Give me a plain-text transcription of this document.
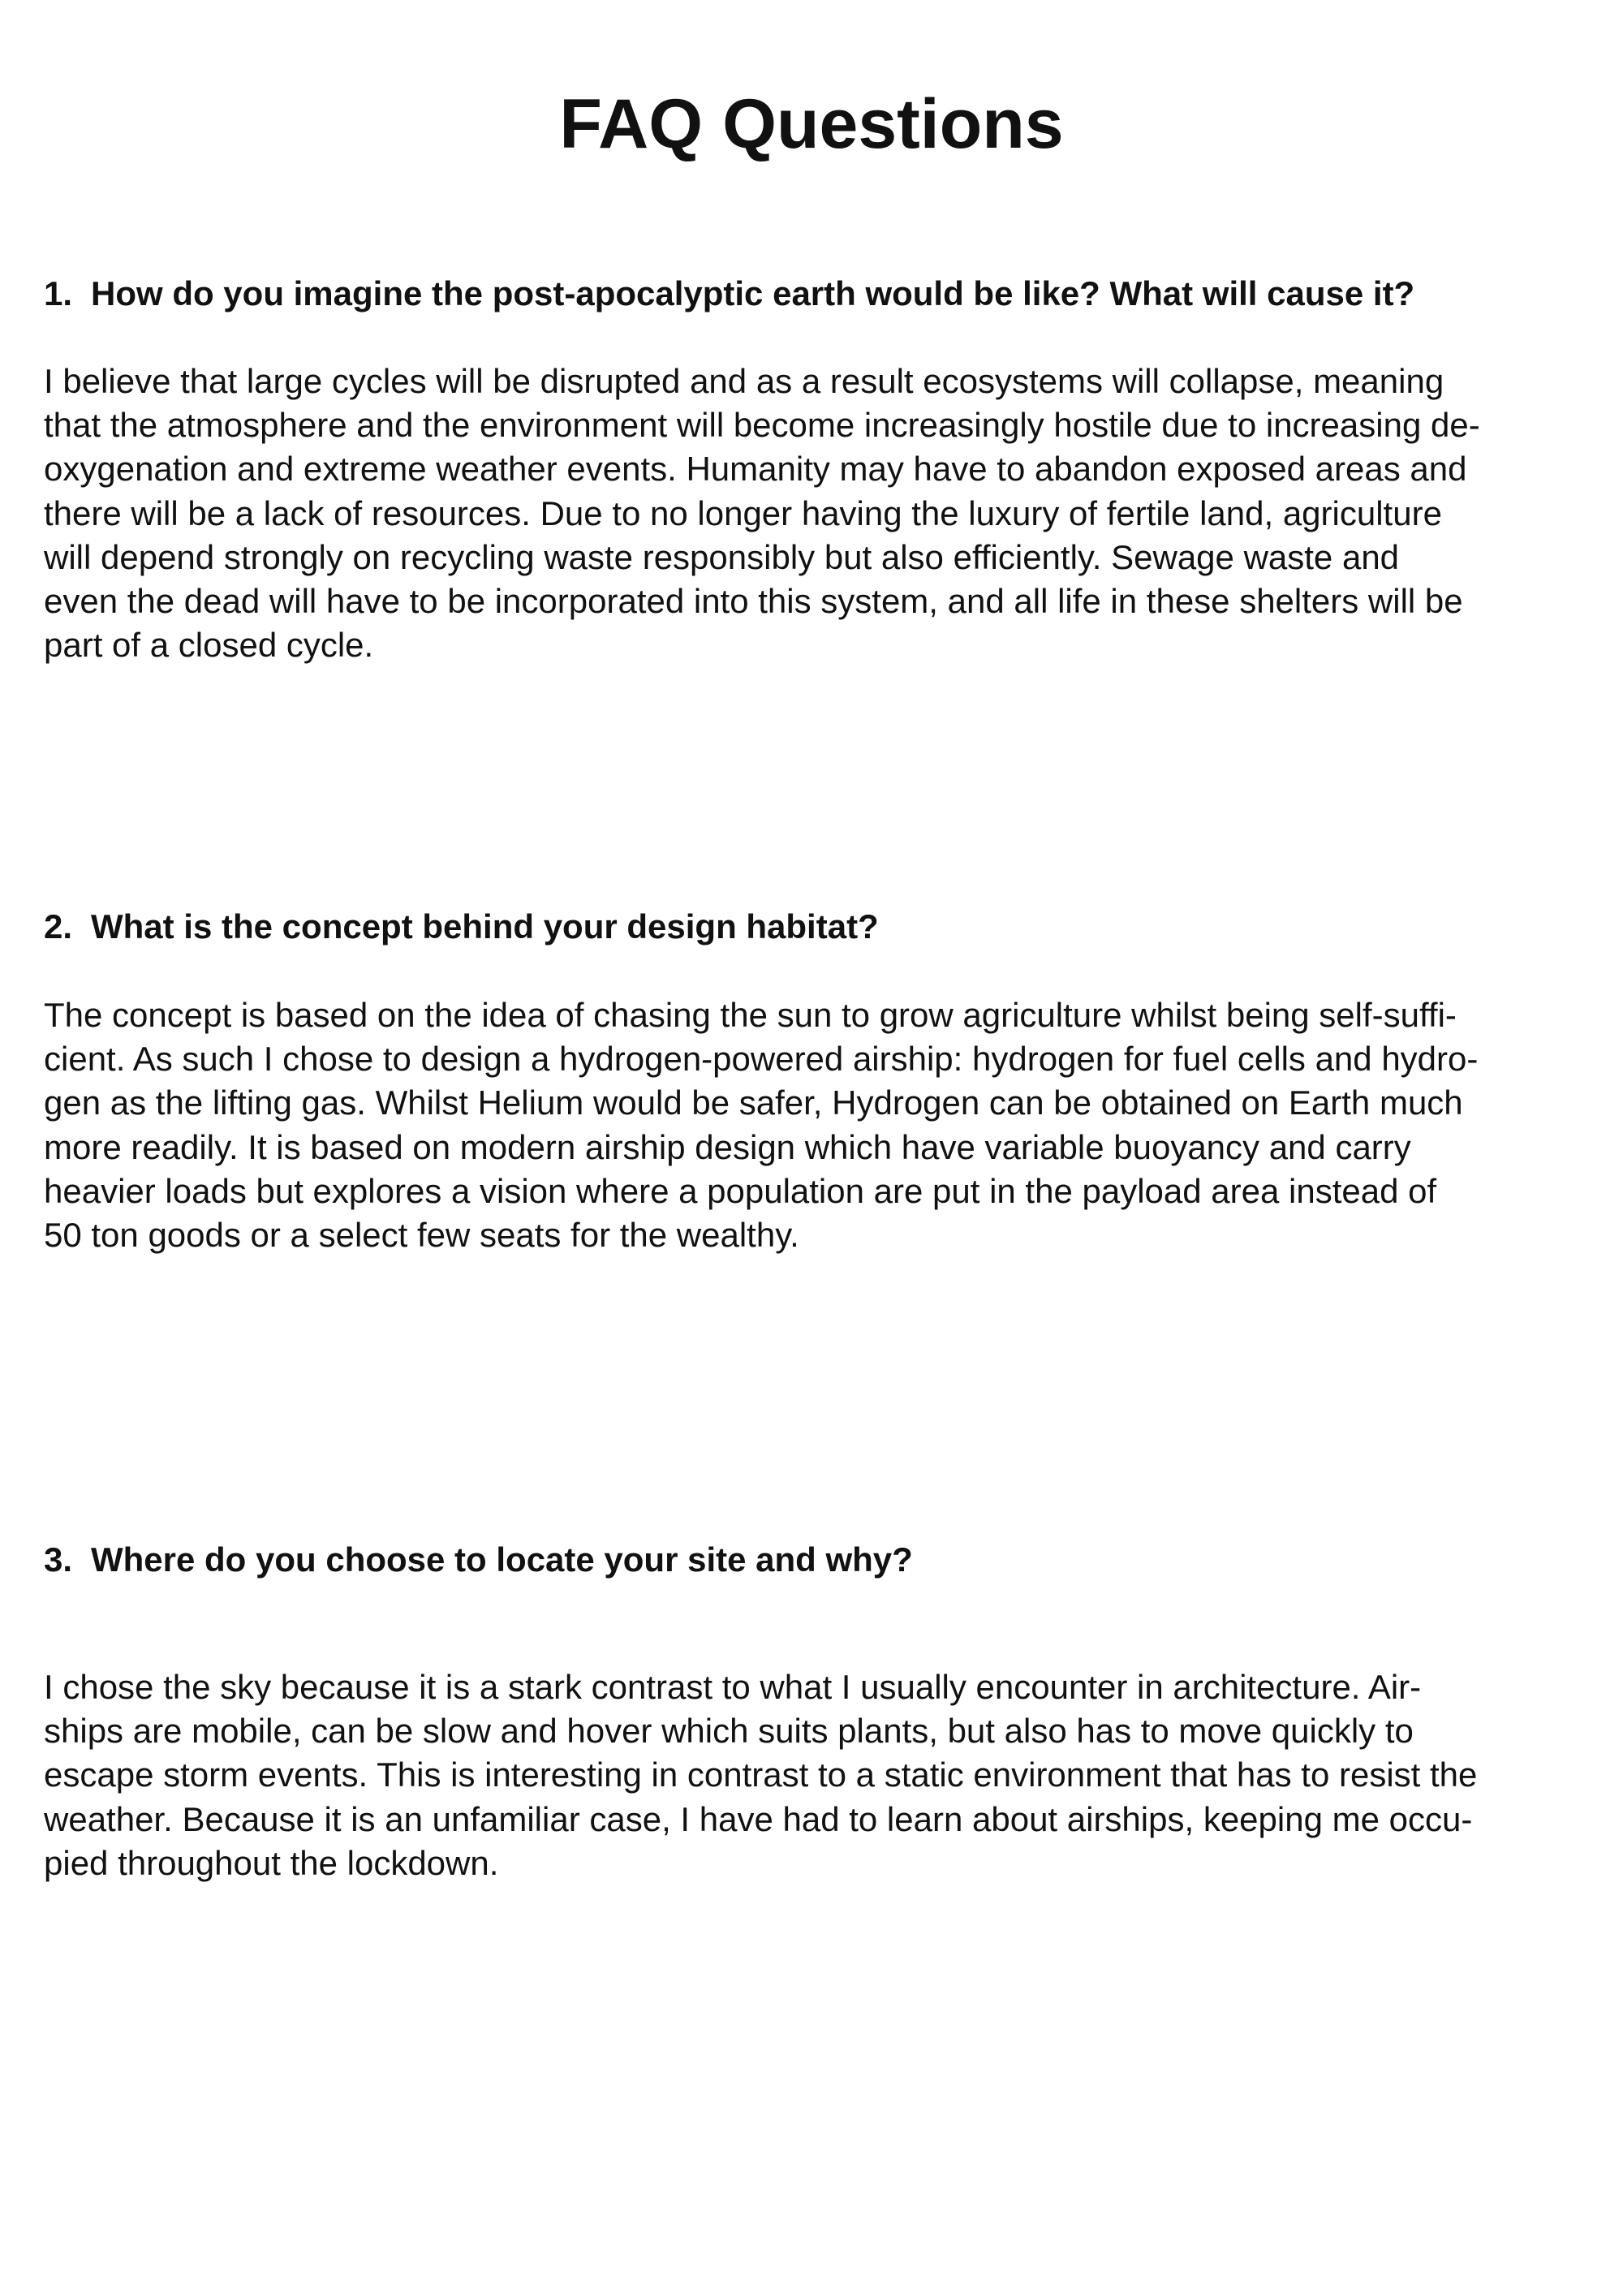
FAQ Questions
1. How do you imagine the post-apocalyptic earth would be like? What will cause it?
I believe that large cycles will be disrupted and as a result ecosystems will collapse, meaning
that the atmosphere and the environment will become increasingly hostile due to increasing de-
oxygenation and extreme weather events. Humanity may have to abandon exposed areas and
there will be a lack of resources. Due to no longer having the luxury of fertile land, agriculture
will depend strongly on recycling waste responsibly but also efficiently. Sewage waste and
even the dead will have to be incorporated into this system, and all life in these shelters will be
part of a closed cycle.
2. What is the concept behind your design habitat?
The concept is based on the idea of chasing the sun to grow agriculture whilst being self-suffi-
cient. As such I chose to design a hydrogen-powered airship: hydrogen for fuel cells and hydro-
gen as the lifting gas. Whilst Helium would be safer, Hydrogen can be obtained on Earth much
more readily. It is based on modern airship design which have variable buoyancy and carry
heavier loads but explores a vision where a population are put in the payload area instead of
50 ton goods or a select few seats for the wealthy.
3. Where do you choose to locate your site and why?
I chose the sky because it is a stark contrast to what I usually encounter in architecture. Air-
ships are mobile, can be slow and hover which suits plants, but also has to move quickly to
escape storm events. This is interesting in contrast to a static environment that has to resist the
weather. Because it is an unfamiliar case, I have had to learn about airships, keeping me occu-
pied throughout the lockdown.
